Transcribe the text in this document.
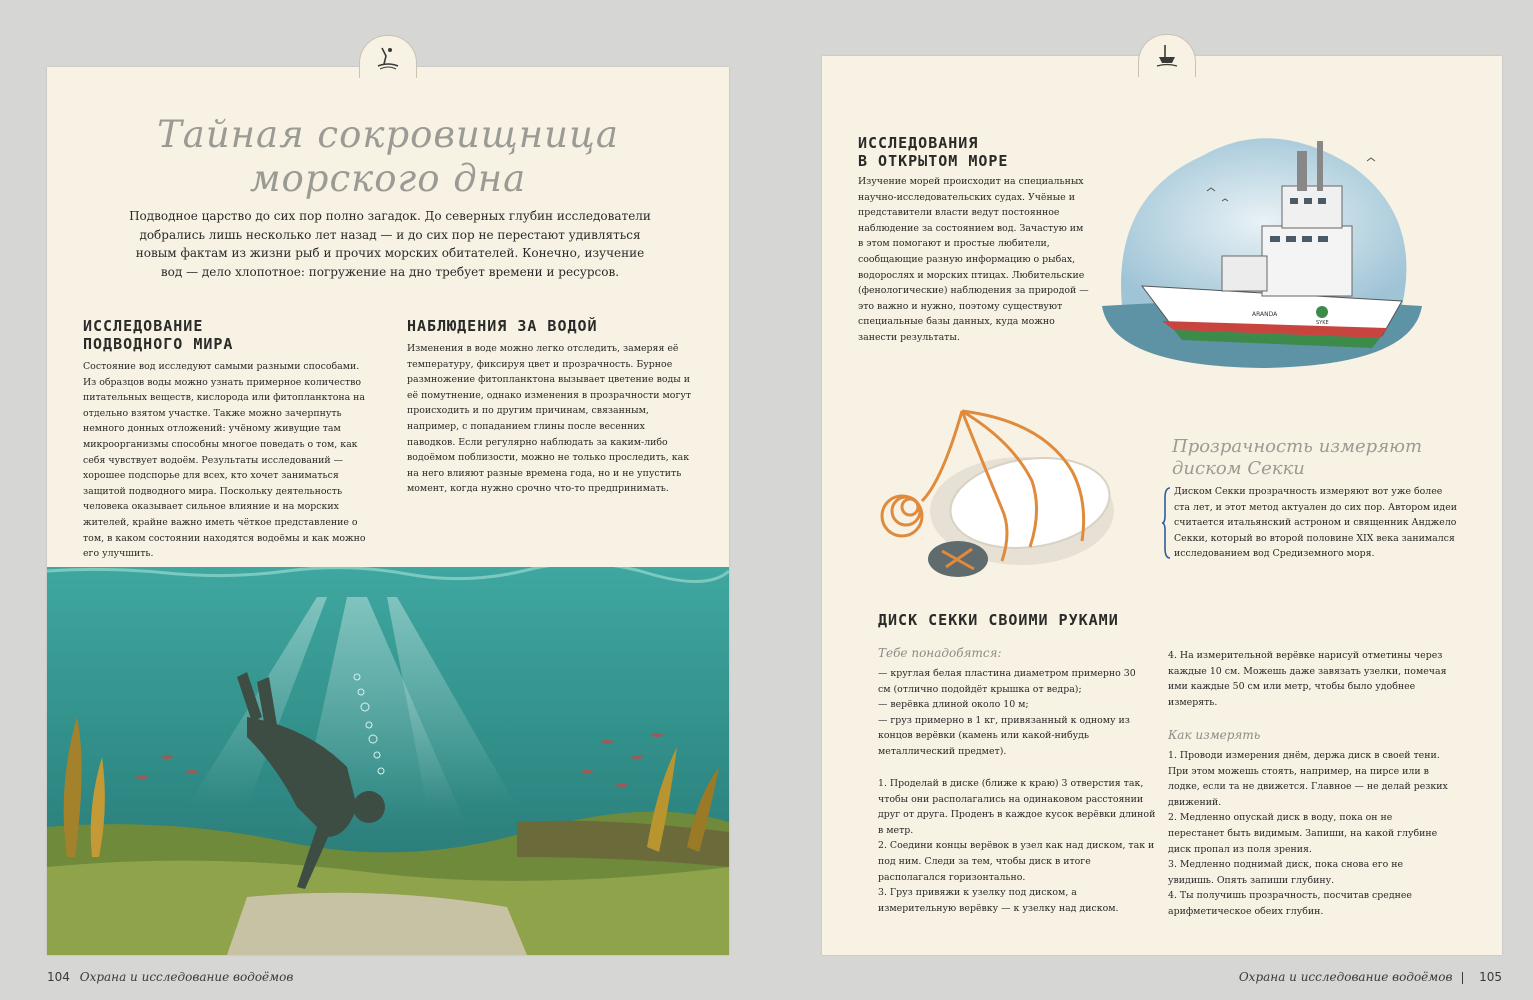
Тайная сокровищница
морского дна
Подводное царство до сих пор полно загадок. До северных глубин исследователи добрались лишь несколько лет назад — и до сих пор не перестают удивляться новым фактам из жизни рыб и прочих морских обитателей. Конечно, изучение вод — дело хлопотное: погружение на дно требует времени и ресурсов.
ИССЛЕДОВАНИЕ
ПОДВОДНОГО МИРА
Состояние вод исследуют самыми разными способами. Из образцов воды можно узнать примерное количество питательных веществ, кислорода или фитопланктона на отдельно взятом участке. Также можно зачерпнуть немного донных отложений: учёному живущие там микроорганизмы способны многое поведать о том, как себя чувствует водоём. Результаты исследований — хорошее подспорье для всех, кто хочет заниматься защитой подводного мира. Поскольку деятельность человека оказывает сильное влияние и на морских жителей, крайне важно иметь чёткое представление о том, в каком состоянии находятся водоёмы и как можно его улучшить.
НАБЛЮДЕНИЯ ЗА ВОДОЙ
Изменения в воде можно легко отследить, замеряя её температуру, фиксируя цвет и прозрачность. Бурное размножение фитопланктона вызывает цветение воды и её помутнение, однако изменения в прозрачности могут происходить и по другим причинам, связанным, например, с попаданием глины после весенних паводков. Если регулярно наблюдать за каким-либо водоёмом поблизости, можно не только проследить, как на него влияют разные времена года, но и не упустить момент, когда нужно срочно что-то предпринимать.
ИССЛЕДОВАНИЯ
В ОТКРЫТОМ МОРЕ
Изучение морей происходит на специальных научно-исследовательских судах. Учёные и представители власти ведут постоянное наблюдение за состоянием вод. Зачастую им в этом помогают и простые любители, сообщающие разную информацию о рыбах, водорослях и морских птицах. Любительские (фенологические) наблюдения за природой — это важно и нужно, поэтому существуют специальные базы данных, куда можно занести результаты.
ARANDA
SYKE
Прозрачность измеряют
диском Секки
Диском Секки прозрачность измеряют вот уже более ста лет, и этот метод актуален до сих пор. Автором идеи считается итальянский астроном и священник Анджело Секки, который во второй половине XIX века занимался исследованием вод Средиземного моря.
ДИСК СЕККИ СВОИМИ РУКАМИ
Тебе понадобятся:
— круглая белая пластина диаметром примерно 30 см (отлично подойдёт крышка от ведра);
— верёвка длиной около 10 м;
— груз примерно в 1 кг, привязанный к одному из концов верёвки (камень или какой-нибудь металлический предмет).
1. Проделай в диске (ближе к краю) 3 отверстия так, чтобы они располагались на одинаковом расстоянии друг от друга. Проденъ в каждое кусок верёвки длиной в метр.
2. Соедини концы верёвок в узел как над диском, так и под ним. Следи за тем, чтобы диск в итоге располагался горизонтально.
3. Груз привяжи к узелку под диском, а измерительную верёвку — к узелку над диском.
4. На измерительной верёвке нарисуй отметины через каждые 10 см. Можешь даже завязать узелки, помечая ими каждые 50 см или метр, чтобы было удобнее измерять.
Как измерять
1. Проводи измерения днём, держа диск в своей тени. При этом можешь стоять, например, на пирсе или в лодке, если та не движется. Главное — не делай резких движений.
2. Медленно опускай диск в воду, пока он не перестанет быть видимым. Запиши, на какой глубине диск пропал из поля зрения.
3. Медленно поднимай диск, пока снова его не увидишь. Опять запиши глубину.
4. Ты получишь прозрачность, посчитав среднее арифметическое обеих глубин.
104 Охрана и исследование водоёмов	Охрана и исследование водоёмов 105
